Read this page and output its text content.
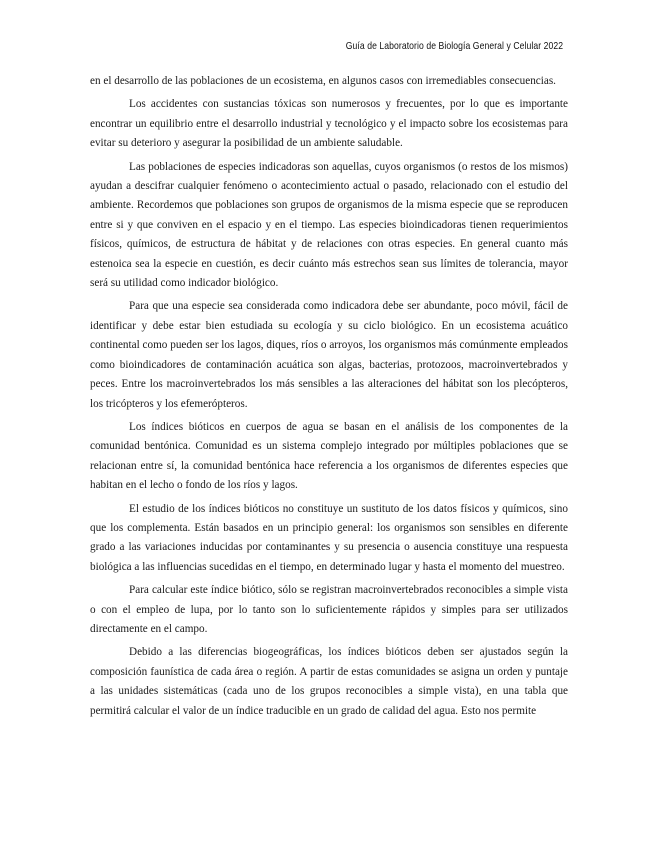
Guía de Laboratorio de Biología General y Celular 2022

en el desarrollo de las poblaciones de un ecosistema, en algunos casos con irremediables consecuencias.

Los accidentes con sustancias tóxicas son numerosos y frecuentes, por lo que es importante encontrar un equilibrio entre el desarrollo industrial y tecnológico y el impacto sobre los ecosistemas para evitar su deterioro y asegurar la posibilidad de un ambiente saludable.

Las poblaciones de especies indicadoras son aquellas, cuyos organismos (o restos de los mismos) ayudan a descifrar cualquier fenómeno o acontecimiento actual o pasado, relacionado con el estudio del ambiente. Recordemos que poblaciones son grupos de organismos de la misma especie que se reproducen entre si y que conviven en el espacio y en el tiempo. Las especies bioindicadoras tienen requerimientos físicos, químicos, de estructura de hábitat y de relaciones con otras especies. En general cuanto más estenoica sea la especie en cuestión, es decir cuánto más estrechos sean sus límites de tolerancia, mayor será su utilidad como indicador biológico.

Para que una especie sea considerada como indicadora debe ser abundante, poco móvil, fácil de identificar y debe estar bien estudiada su ecología y su ciclo biológico. En un ecosistema acuático continental como pueden ser los lagos, diques, ríos o arroyos, los organismos más comúnmente empleados como bioindicadores de contaminación acuática son algas, bacterias, protozoos, macroinvertebrados y peces. Entre los macroinvertebrados los más sensibles a las alteraciones del hábitat son los plecópteros, los tricópteros y los efemerópteros.

Los índices bióticos en cuerpos de agua se basan en el análisis de los componentes de la comunidad bentónica. Comunidad es un sistema complejo integrado por múltiples poblaciones que se relacionan entre sí, la comunidad bentónica hace referencia a los organismos de diferentes especies que habitan en el lecho o fondo de los ríos y lagos.

El estudio de los índices bióticos no constituye un sustituto de los datos físicos y químicos, sino que los complementa. Están basados en un principio general: los organismos son sensibles en diferente grado a las variaciones inducidas por contaminantes y su presencia o ausencia constituye una respuesta biológica a las influencias sucedidas en el tiempo, en determinado lugar y hasta el momento del muestreo.

Para calcular este índice biótico, sólo se registran macroinvertebrados reconocibles a simple vista o con el empleo de lupa, por lo tanto son lo suficientemente rápidos y simples para ser utilizados directamente en el campo.

Debido a las diferencias biogeográficas, los índices bióticos deben ser ajustados según la composición faunística de cada área o región. A partir de estas comunidades se asigna un orden y puntaje a las unidades sistemáticas (cada uno de los grupos reconocibles a simple vista), en una tabla que permitirá calcular el valor de un índice traducible en un grado de calidad del agua. Esto nos permite
